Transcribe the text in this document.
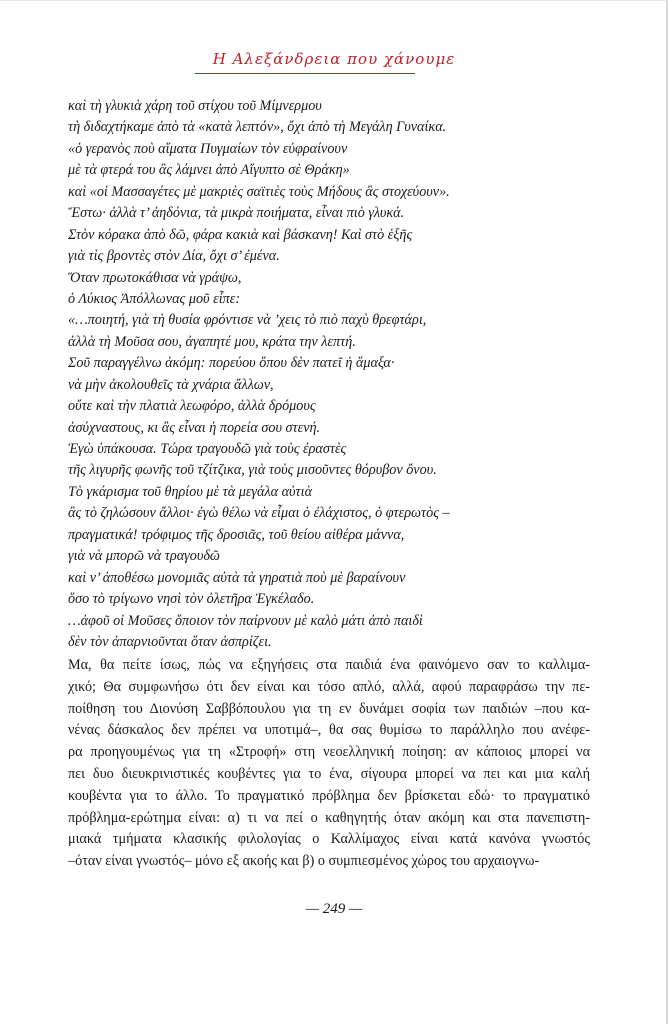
Η Αλεξάνδρεια που χάνουμε
καὶ τὴ γλυκιὰ χάρη τοῦ στίχου τοῦ Μίμνερμου
τὴ διδαχτήκαμε ἀπὸ τὰ «κατὰ λεπτόν», ὄχι ἀπὸ τὴ Μεγάλη Γυναίκα.
«ὁ γερανὸς ποὺ αἵματα Πυγμαίων τὸν εὐφραίνουν
μὲ τὰ φτερά του ἂς λάμνει ἀπὸ Αἴγυπτο σὲ Θράκη»
καὶ «οἱ Μασσαγέτες μὲ μακριὲς σαϊτιὲς τοὺς Μήδους ἂς στοχεύουν».
Ἔστω· ἀλλὰ τ’ ἀηδόνια, τὰ μικρὰ ποιήματα, εἶναι πιὸ γλυκά.
Στὸν κόρακα ἀπὸ δῶ, φάρα κακιὰ καὶ βάσκανη! Καὶ στὸ ἑξῆς
γιὰ τὶς βροντὲς στὸν Δία, ὄχι σ’ ἐμένα.
Ὅταν πρωτοκάθισα νὰ γράψω,
ὁ Λύκιος Ἀπόλλωνας μοῦ εἶπε:
«…ποιητή, γιὰ τὴ θυσία φρόντισε νὰ ’χεις τὸ πιὸ παχὺ θρεφτάρι,
ἀλλὰ τὴ Μοῦσα σου, ἀγαπητέ μου, κράτα την λεπτή.
Σοῦ παραγγέλνω ἀκόμη: πορεύου ὅπου δὲν πατεῖ ἡ ἅμαξα·
νὰ μὴν ἀκολουθεῖς τὰ χνάρια ἄλλων,
οὔτε καὶ τὴν πλατιὰ λεωφόρο, ἀλλὰ δρόμους
ἀσύχναστους, κι ἂς εἶναι ἡ πορεία σου στενή.
Ἐγὼ ὑπάκουσα. Τώρα τραγουδῶ γιὰ τοὺς ἐραστὲς
τῆς λιγυρῆς φωνῆς τοῦ τζίτζικα, γιὰ τοὺς μισοῦντες θόρυβον ὄνου.
Τὸ γκάρισμα τοῦ θηρίου μὲ τὰ μεγάλα αὐτιὰ
ἂς τὸ ζηλώσουν ἄλλοι· ἐγὼ θέλω νὰ εἶμαι ὁ ἐλάχιστος, ὁ φτερωτὸς –
πραγματικά! τρόφιμος τῆς δροσιᾶς, τοῦ θείου αἰθέρα μάννα,
γιὰ νὰ μπορῶ νὰ τραγουδῶ
καὶ ν’ ἀποθέσω μονομιᾶς αὐτὰ τὰ γηρατιὰ ποὺ μὲ βαραίνουν
ὅσο τὸ τρίγωνο νησὶ τὸν ὀλετῆρα Ἐγκέλαδο.
…ἀφοῦ οἱ Μοῦσες ὅποιον τὸν παίρνουν μὲ καλὸ μάτι ἀπὸ παιδὶ
δὲν τὸν ἀπαρνιοῦνται ὅταν ἀσπρίζει.
Μα, θα πείτε ίσως, πώς να εξηγήσεις στα παιδιά ένα φαινόμενο σαν το καλλιμα-
χικό; Θα συμφωνήσω ότι δεν είναι και τόσο απλό, αλλά, αφού παραφράσω την πε-
ποίθηση του Διονύση Σαββόπουλου για τη εν δυνάμει σοφία των παιδιών –που κα-
νένας δάσκαλος δεν πρέπει να υποτιμά–, θα σας θυμίσω το παράλληλο που ανέφε-
ρα προηγουμένως για τη «Στροφή» στη νεοελληνική ποίηση: αν κάποιος μπορεί να
πει δυο διευκρινιστικές κουβέντες για το ένα, σίγουρα μπορεί να πει και μια καλή
κουβέντα για το άλλο. Το πραγματικό πρόβλημα δεν βρίσκεται εδώ· το πραγματικό
πρόβλημα-ερώτημα είναι: α) τι να πεί ο καθηγητής όταν ακόμη και στα πανεπιστη-
μιακά τμήματα κλασικής φιλολογίας ο Καλλίμαχος είναι κατά κανόνα γνωστός
–όταν είναι γνωστός– μόνο εξ ακοής και β) ο συμπιεσμένος χώρος του αρχαιογνω-
— 249 —
